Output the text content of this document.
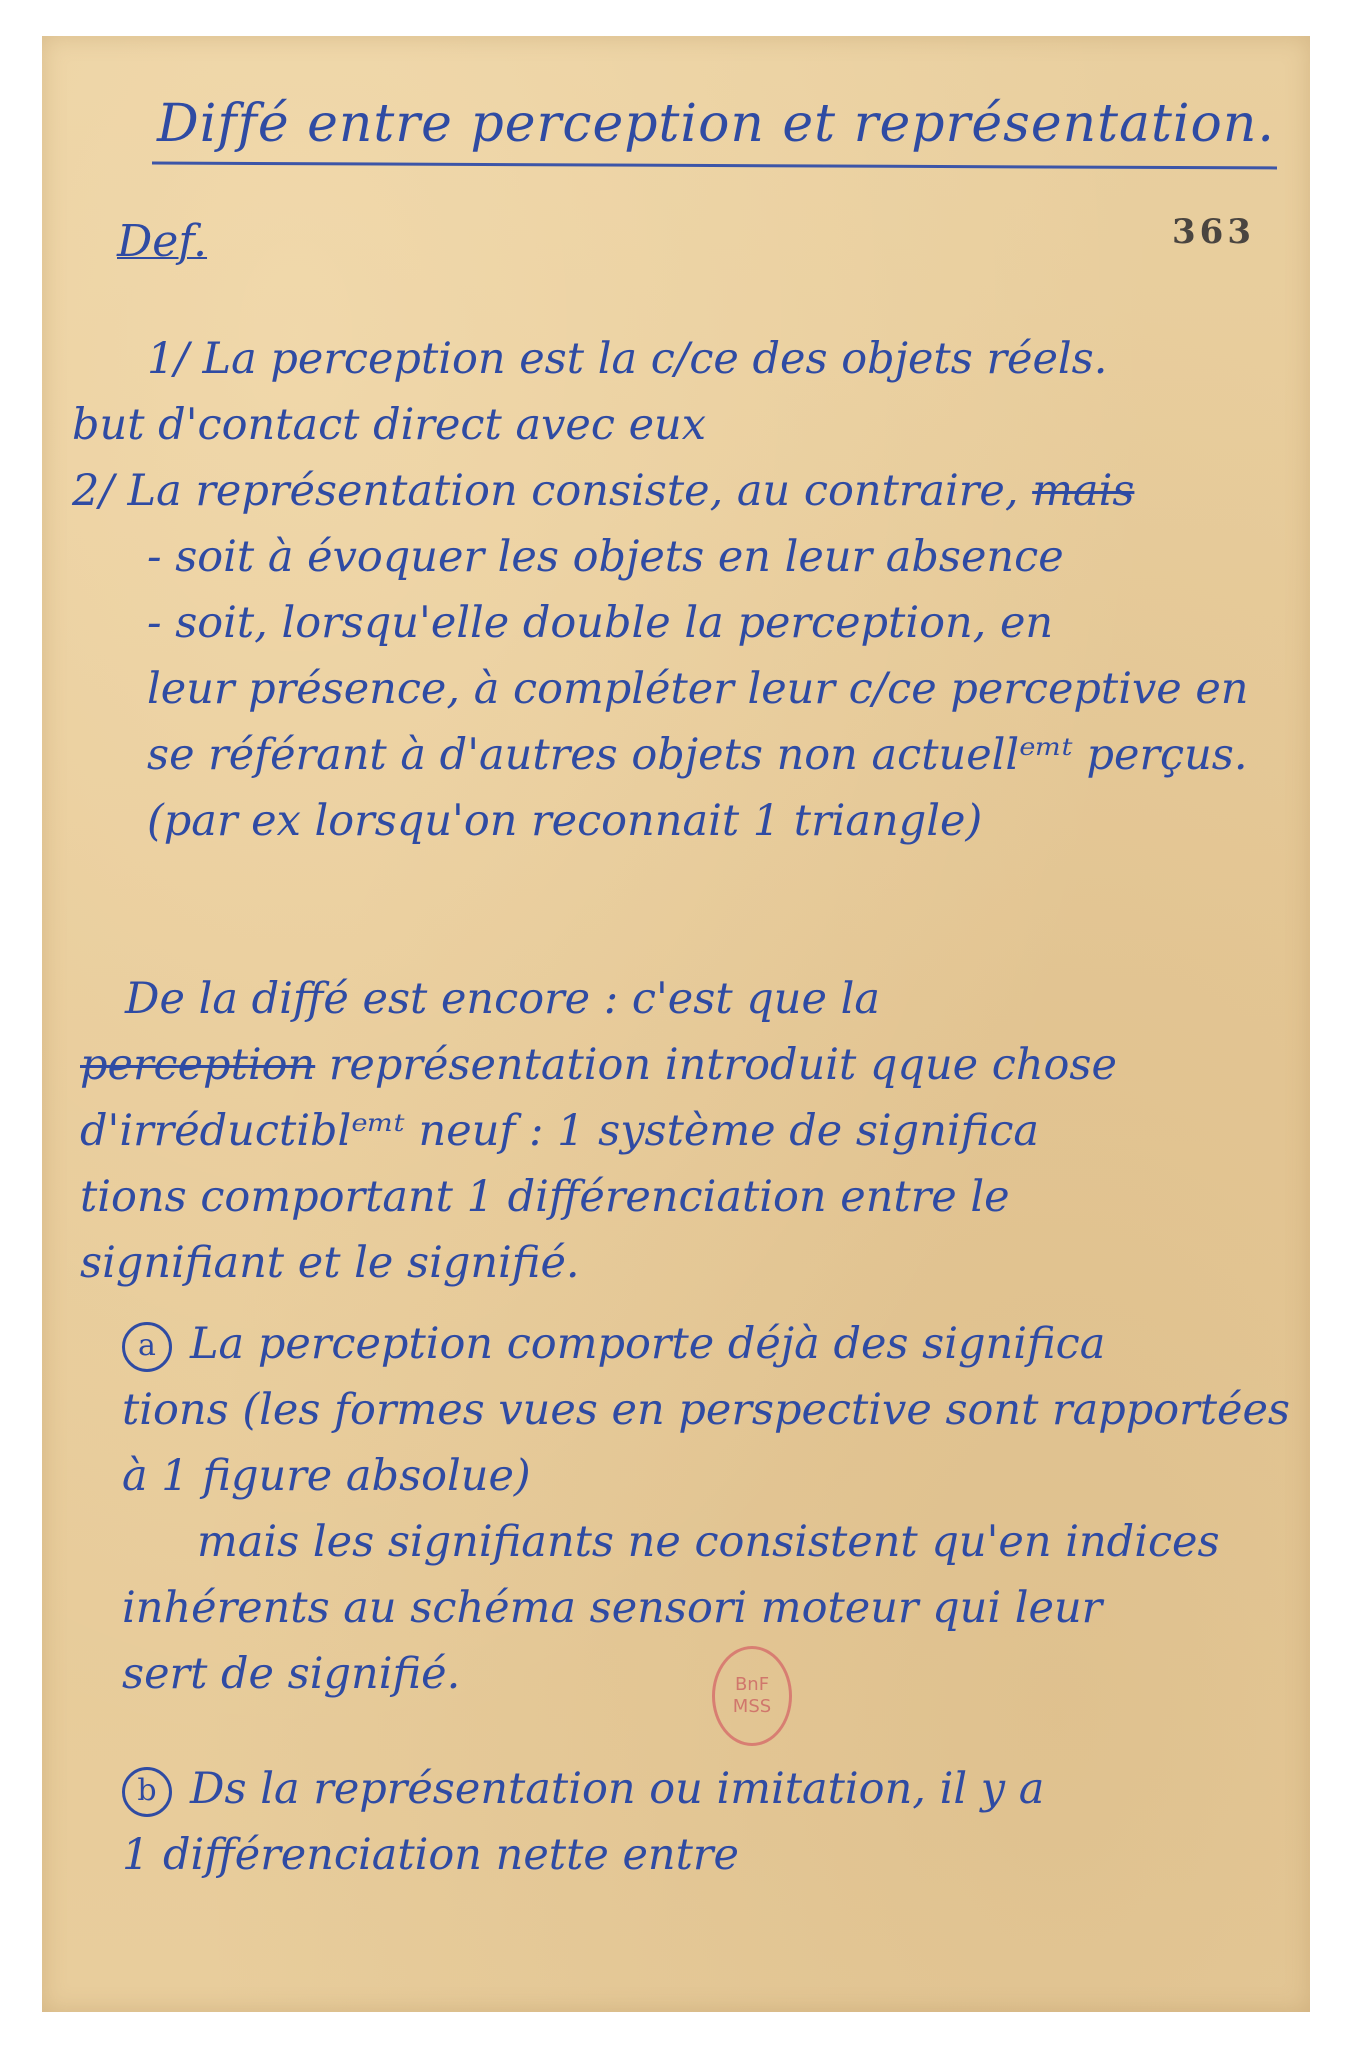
Diffé entre perception et représentation.

363

Def.

1/ La perception est la c/ce des objets réels.

but d'contact direct avec eux

2/ La représentation consiste, au contraire, mais

- soit à évoquer les objets en leur absence

- soit, lorsqu'elle double la perception, en

leur présence, à compléter leur c/ce perceptive en

se référant à d'autres objets non actuellᵉᵐᵗ perçus.

(par ex lorsqu'on reconnait 1 triangle)

De la diffé est encore : c'est que la

perception représentation introduit qque chose

d'irréductiblᵉᵐᵗ neuf : 1 système de significa

tions comportant 1 différenciation entre le

signifiant et le signifié.

a La perception comporte déjà des significa

tions (les formes vues en perspective sont rapportées

à 1 figure absolue)

mais les signifiants ne consistent qu'en indices

inhérents au schéma sensori moteur qui leur

sert de signifié.	BnF
MSS

b Ds la représentation ou imitation, il y a

1 différenciation nette entre
